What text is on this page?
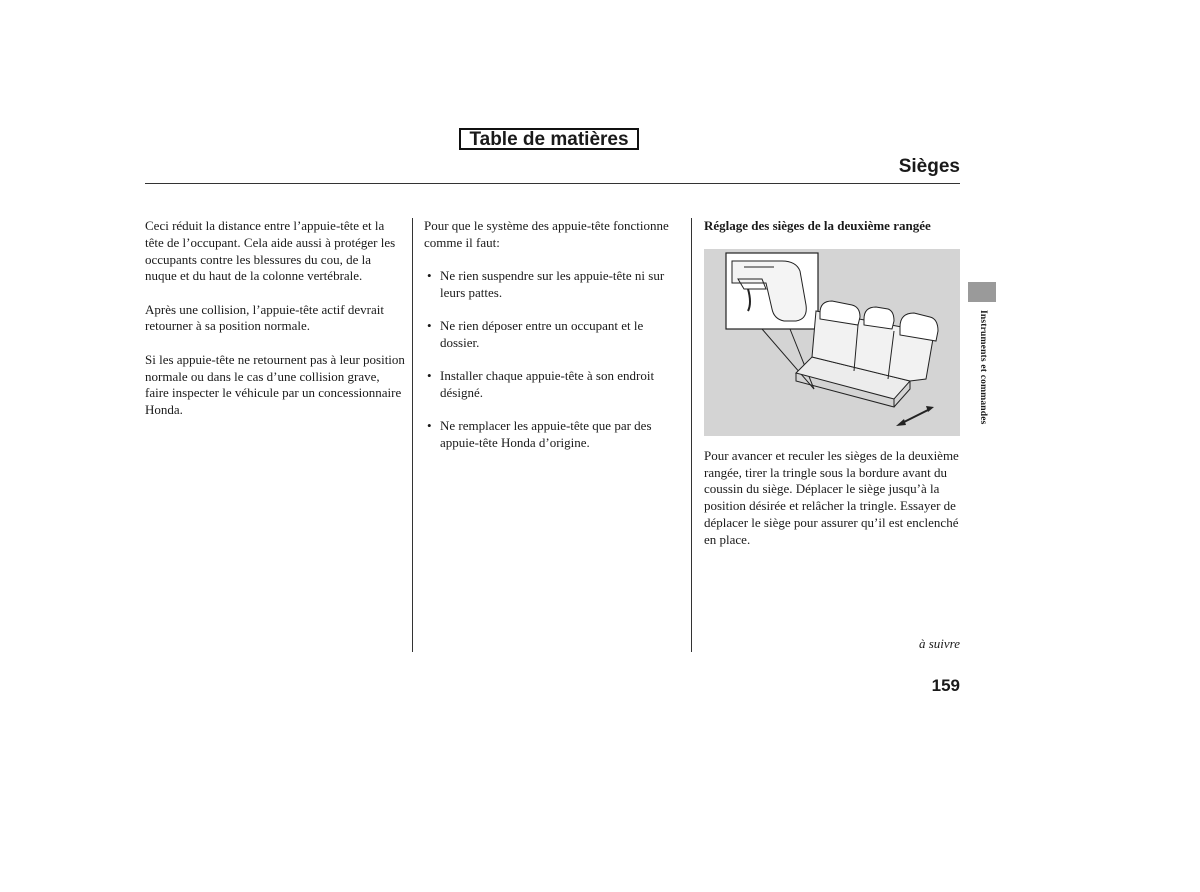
Table de matières
Sièges

Ceci réduit la distance entre l’appuie-tête et la tête de l’occupant. Cela aide aussi à protéger les occupants contre les blessures du cou, de la nuque et du haut de la colonne vertébrale.

Après une collision, l’appuie-tête actif devrait retourner à sa position normale.

Si les appuie-tête ne retournent pas à leur position normale ou dans le cas d’une collision grave, faire inspecter le véhicule par un concessionnaire Honda.

Pour que le système des appuie-tête fonctionne comme il faut:

• Ne rien suspendre sur les appuie-tête ni sur leurs pattes.
• Ne rien déposer entre un occupant et le dossier.
• Installer chaque appuie-tête à son endroit désigné.
• Ne remplacer les appuie-tête que par des appuie-tête Honda d’origine.
Réglage des sièges de la deuxième rangée

Pour avancer et reculer les sièges de la deuxième rangée, tirer la tringle sous la bordure avant du coussin du siège. Déplacer le siège jusqu’à la position désirée et relâcher la tringle. Essayer de déplacer le siège pour assurer qu’il est enclenché en place.

Instruments et commandes
à suivre
159
